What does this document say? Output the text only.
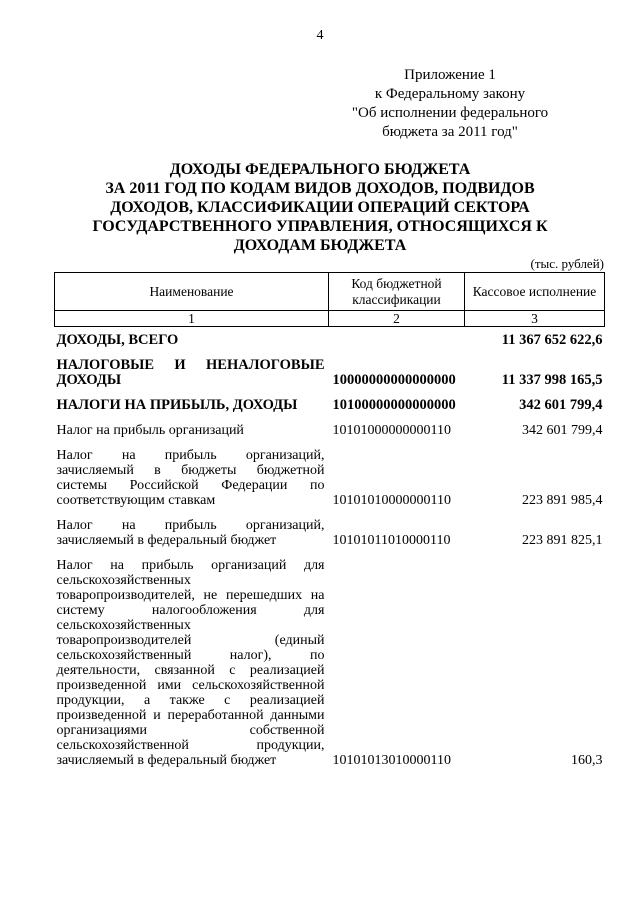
4
Приложение 1
к Федеральному закону
"Об исполнении федерального
бюджета за 2011 год"
ДОХОДЫ ФЕДЕРАЛЬНОГО БЮДЖЕТА
ЗА 2011 ГОД ПО КОДАМ ВИДОВ ДОХОДОВ, ПОДВИДОВ
ДОХОДОВ, КЛАССИФИКАЦИИ ОПЕРАЦИЙ СЕКТОРА
ГОСУДАРСТВЕННОГО УПРАВЛЕНИЯ, ОТНОСЯЩИХСЯ К
ДОХОДАМ БЮДЖЕТА
(тыс. рублей)
Наименование	Код бюджетной классификации	Кассовое исполнение
1	2	3
ДОХОДЫ, ВСЕГО		11 367 652 622,6
НАЛОГОВЫЕ И НЕНАЛОГОВЫЕ ДОХОДЫ	10000000000000000	11 337 998 165,5
НАЛОГИ НА ПРИБЫЛЬ, ДОХОДЫ	10100000000000000	342 601 799,4
Налог на прибыль организаций	10101000000000110	342 601 799,4
Налог на прибыль организаций, зачисляемый в бюджеты бюджетной системы Российской Федерации по соответствующим ставкам	10101010000000110	223 891 985,4
Налог на прибыль организаций, зачисляемый в федеральный бюджет	10101011010000110	223 891 825,1
Налог на прибыль организаций для сельскохозяйственных товаропроизводителей, не перешедших на систему налогообложения для сельскохозяйственных товаропроизводителей (единый сельскохозяйственный налог), по деятельности, связанной с реализацией произведенной ими сельскохозяйственной продукции, а также с реализацией произведенной и переработанной данными организациями собственной сельскохозяйственной продукции, зачисляемый в федеральный бюджет	10101013010000110	160,3
